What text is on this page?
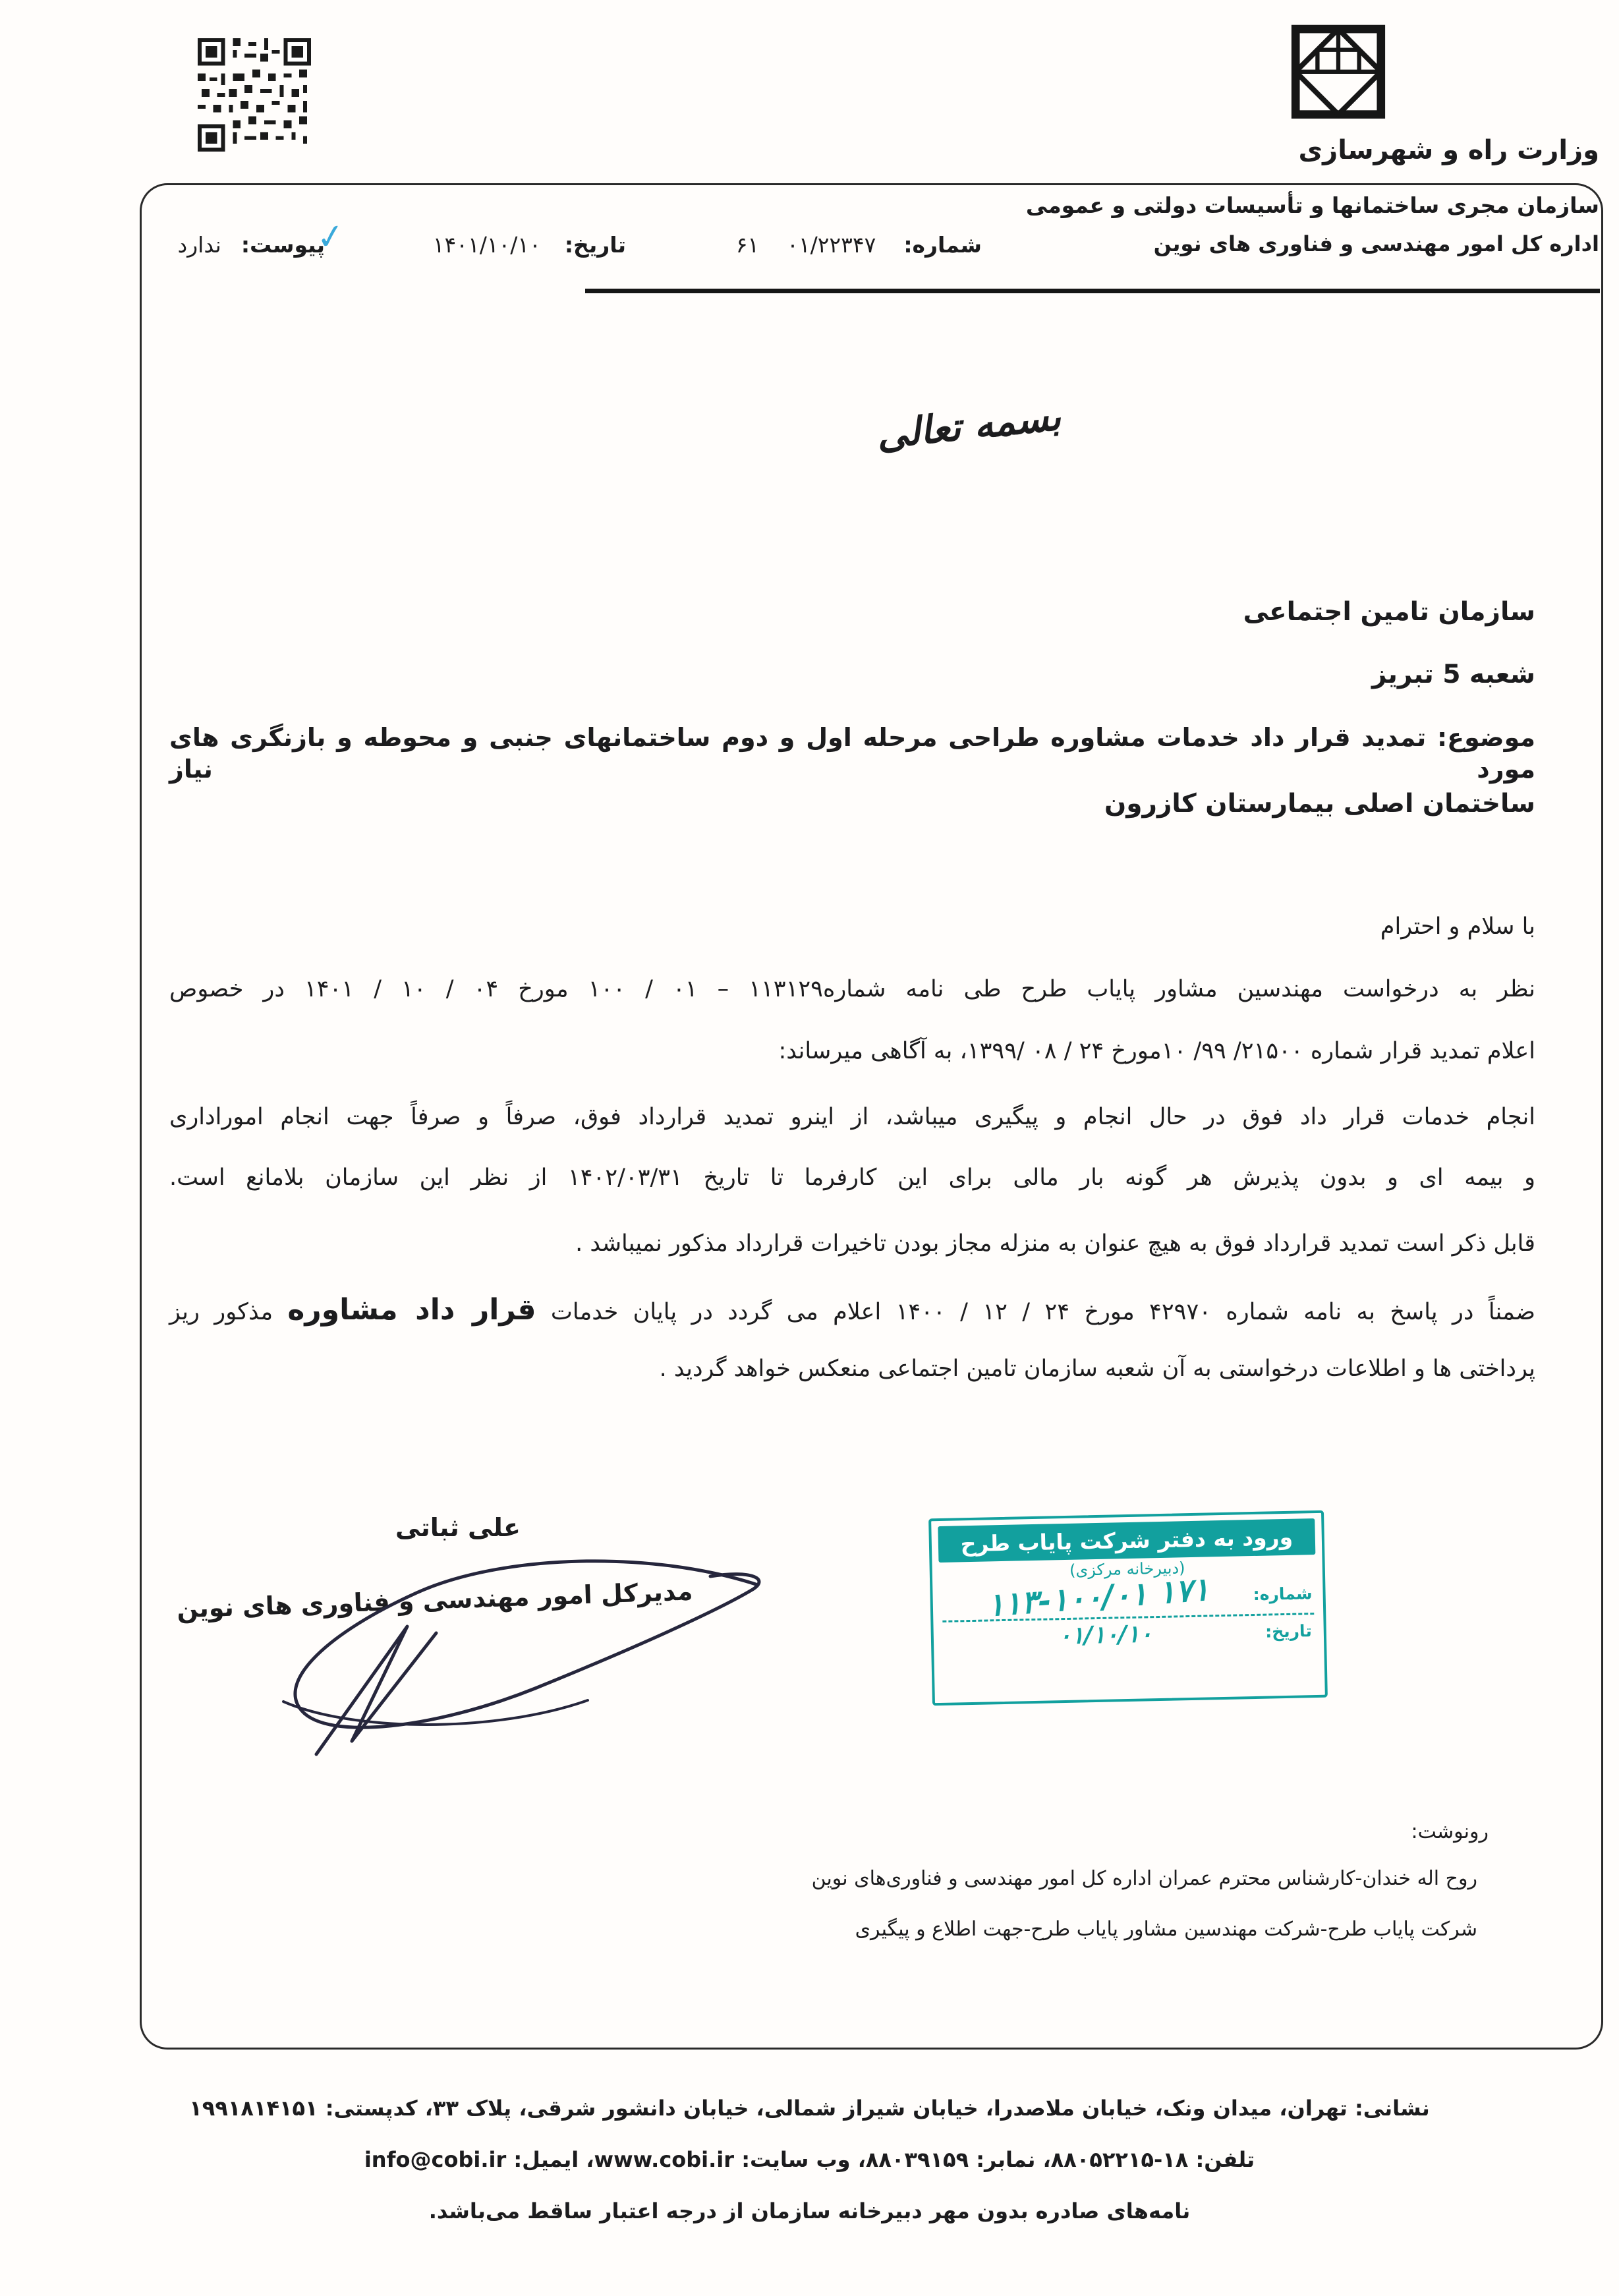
وزارت راه و شهرسازی
سازمان مجری ساختمانها و تأسیسات دولتی و عمومی
اداره کل امور مهندسی و فناوری های نوین
شماره:
۰۱/۲۲۳۴۷
۶۱
تاریخ:
۱۴۰۱/۱۰/۱۰
✓
پیوست:
ندارد
بسمه تعالی
سازمان تامین اجتماعی
شعبه 5 تبریز
موضوع: تمدید قرار داد خدمات مشاوره طراحی مرحله اول و دوم ساختمانهای جنبی و محوطه و بازنگری های مورد نیاز
ساختمان اصلی بیمارستان کازرون
با سلام و احترام
نظر به درخواست مهندسین مشاور پایاب طرح طی نامه شماره۱۱۳۱۲۹ – ۰۱ / ۱۰۰ مورخ ۰۴ / ۱۰ / ۱۴۰۱ در خصوص
اعلام تمدید قرار شماره ۲۱۵۰۰/ ۹۹/ ۱۰مورخ ۲۴ / ۰۸ /۱۳۹۹، به آگاهی میرساند:
انجام خدمات قرار داد فوق در حال انجام و پیگیری میباشد، از اینرو تمدید قرارداد فوق، صرفاً و صرفاً جهت انجام اموراداری
و بیمه ای و بدون پذیرش هر گونه بار مالی برای این کارفرما تا تاریخ ۱۴۰۲/۰۳/۳۱ از نظر این سازمان بلامانع است.
قابل ذکر است تمدید قرارداد فوق به هیچ عنوان به منزله مجاز بودن تاخیرات قرارداد مذکور نمیباشد .
ضمناً در پاسخ به نامه شماره ۴۲۹۷۰ مورخ ۲۴ / ۱۲ / ۱۴۰۰ اعلام می گردد در پایان خدمات قرار داد مشاوره مذکور ریز
پرداختی ها و اطلاعات درخواستی به آن شعبه سازمان تامین اجتماعی منعکس خواهد گردید .
علی ثباتی
مدیرکل امور مهندسی و فناوری های نوین
ورود به دفتر شرکت پایاب طرح
(دبیرخانه مرکزی)
شماره:
۱۷۱ ۱۱۳-۱۰۰/۰۱
تاریخ:
۰۱/۱۰/۱۰
رونوشت:
روح اله خندان-کارشناس محترم عمران اداره کل امور مهندسی و فناوری‌های نوین
شرکت پایاب طرح-شرکت مهندسین مشاور پایاب طرح-جهت اطلاع و پیگیری
نشانی: تهران، میدان ونک، خیابان ملاصدرا، خیابان شیراز شمالی، خیابان دانشور شرقی، پلاک ۳۳، کدپستی: ۱۹۹۱۸۱۴۱۵۱
تلفن: ۱۸-۸۸۰۵۲۲۱۵، نمابر: ۸۸۰۳۹۱۵۹، وب سایت: www.cobi.ir، ایمیل: info@cobi.ir
نامه‌های صادره بدون مهر دبیرخانه سازمان از درجه اعتبار ساقط می‌باشد.
